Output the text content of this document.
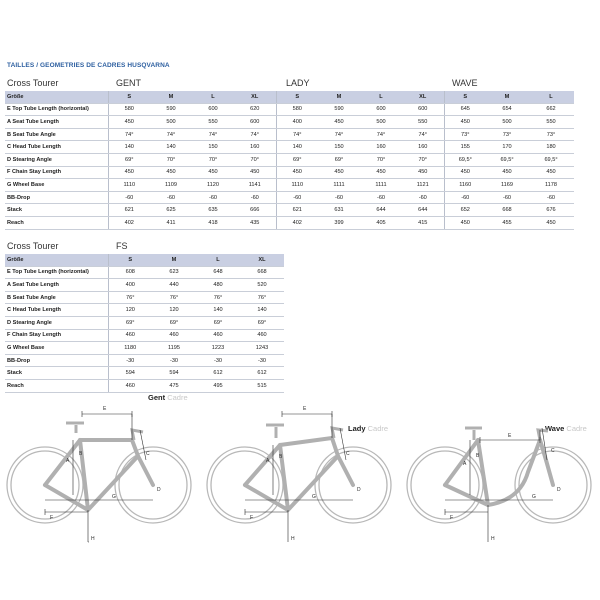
TAILLES / GEOMETRIES DE CADRES HUSQVARNA
Cross Tourer	GENT	LADY	WAVE
Größe	S	M	L	XL	S	M	L	XL	S	M	L
E Top Tube Length (horizontal)	580	590	600	620	580	590	600	600	645	654	662
A Seat Tube Length	450	500	550	600	400	450	500	550	450	500	550
B Seat Tube Angle	74°	74°	74°	74°	74°	74°	74°	74°	73°	73°	73°
C Head Tube Length	140	140	150	160	140	150	160	160	155	170	180
D Stearing Angle	69°	70°	70°	70°	69°	69°	70°	70°	69,5°	69,5°	69,5°
F Chain Stay Length	450	450	450	450	450	450	450	450	450	450	450
G Wheel Base	1110	1109	1120	1141	1110	1111	1111	1121	1160	1169	1178
BB-Drop	-60	-60	-60	-60	-60	-60	-60	-60	-60	-60	-60
Stack	621	625	635	666	621	631	644	644	652	668	676
Reach	402	411	418	435	402	399	405	415	450	455	450
Cross Tourer	FS
Größe	S	M	L	XL
E Top Tube Length (horizontal)	608	623	648	668
A Seat Tube Length	400	440	480	520
B Seat Tube Angle	76°	76°	76°	76°
C Head Tube Length	120	120	140	140
D Stearing Angle	69°	69°	69°	69°
F Chain Stay Length	460	460	460	460
G Wheel Base	1180	1195	1223	1243
BB-Drop	-30	-30	-30	-30
Stack	594	594	612	612
Reach	460	475	495	515
Gent Cadre
Lady Cadre	Wave Cadre
E
A
B	C
D
F
G
H
E
A
B	C
D
F
G
H
E
A
B
C
D
F
G
H
